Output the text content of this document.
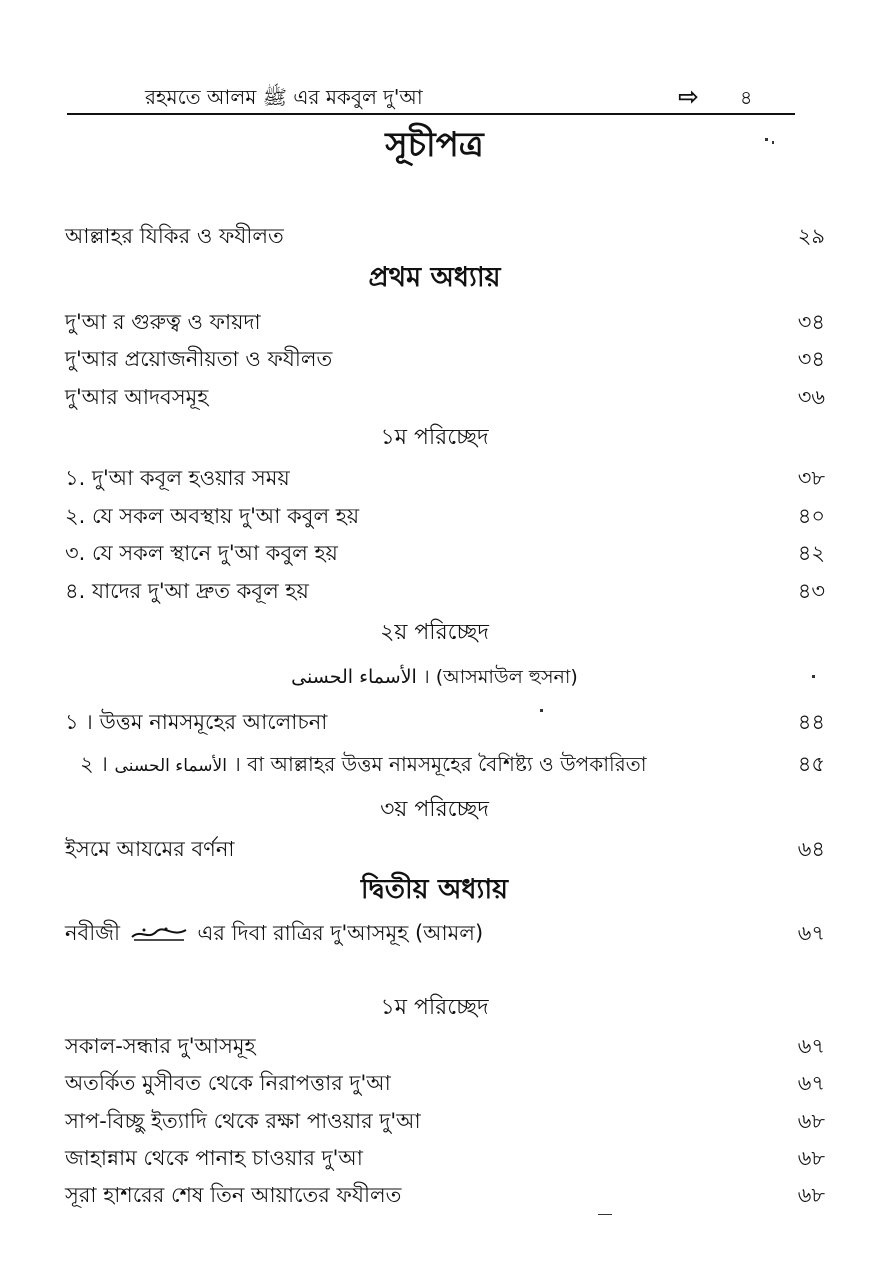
রহমতে আলম ﷺ এর মকবুল দু'আ	⇨ ৪
সূচীপত্র
আল্লাহর যিকির ও ফযীলত	২৯
প্রথম অধ্যায়
দু'আ র গুরুত্ব ও ফায়দা	৩৪
দু'আর প্রয়োজনীয়তা ও ফযীলত	৩৪
দু'আর আদবসমূহ	৩৬
১ম পরিচ্ছেদ
১. দু'আ কবূল হওয়ার সময়	৩৮
২. যে সকল অবস্থায় দু'আ কবুল হয়	৪০
৩. যে সকল স্থানে দু'আ কবুল হয়	৪২
৪. যাদের দু'আ দ্রুত কবূল হয়	৪৩
২য় পরিচ্ছেদ
الأسماء الحسنى । (আসমাউল হুসনা)
১ । উত্তম নামসমূহের আলোচনা	৪৪
২ । الأسماء الحسنى । বা আল্লাহর উত্তম নামসমূহের বৈশিষ্ট্য ও উপকারিতা	৪৫
৩য় পরিচ্ছেদ
ইসমে আযমের বর্ণনা	৬৪
দ্বিতীয় অধ্যায়
নবীজী	এর দিবা রাত্রির দু'আসমূহ (আমল)	৬৭
১ম পরিচ্ছেদ
সকাল-সন্ধার দু'আসমূহ	৬৭
অতর্কিত মুসীবত থেকে নিরাপত্তার দু'আ	৬৭
সাপ-বিচ্ছু ইত্যাদি থেকে রক্ষা পাওয়ার দু'আ	৬৮
জাহান্নাম থেকে পানাহ চাওয়ার দু'আ	৬৮
সূরা হাশরের শেষ তিন আয়াতের ফযীলত	৬৮
